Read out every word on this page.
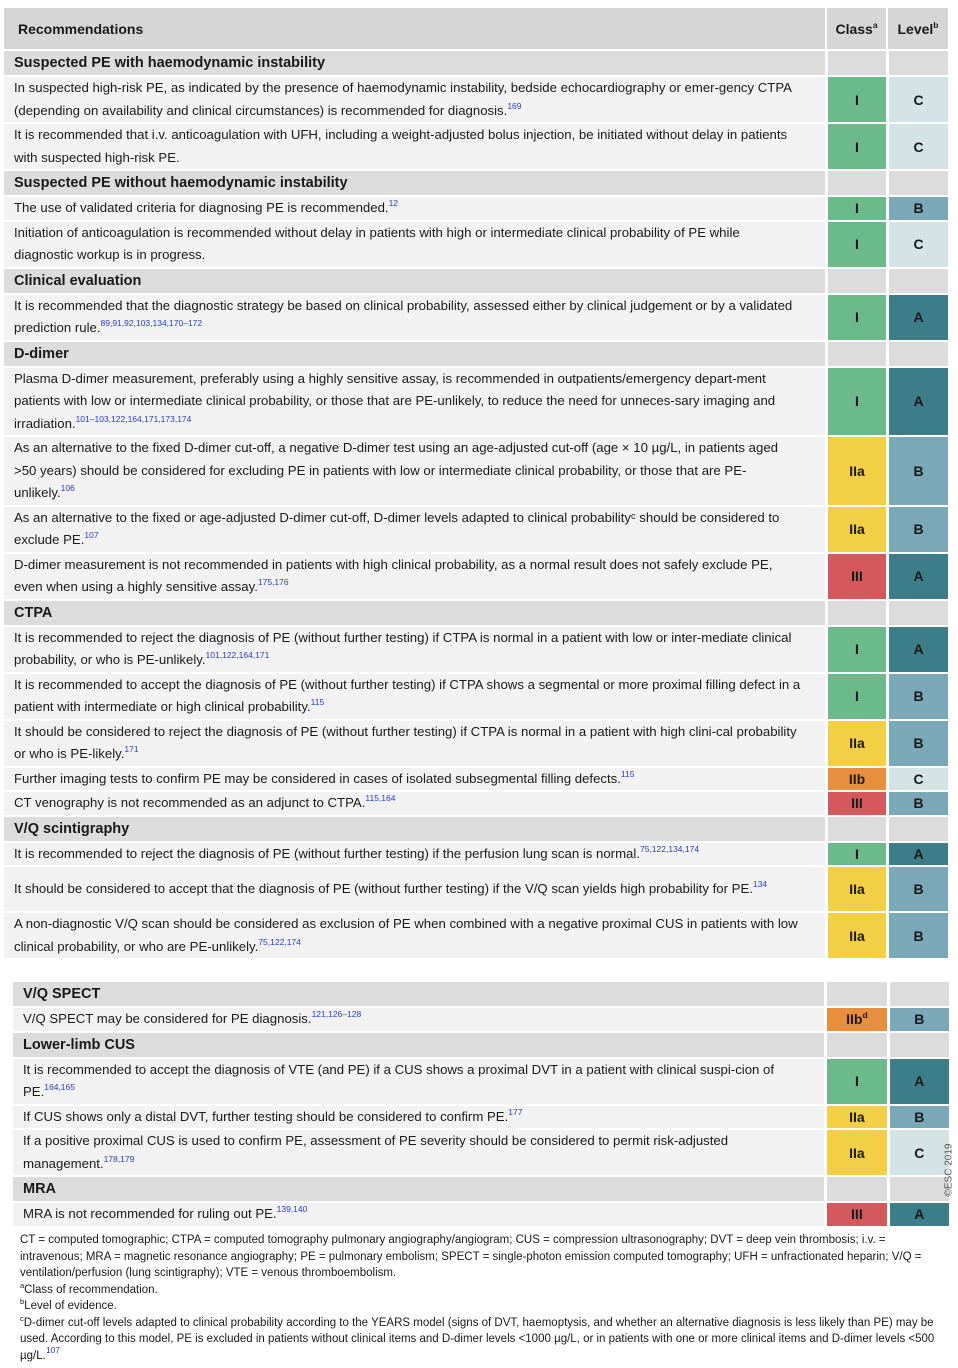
Recommendations	Class$^a$	Level$^b$
Suspected PE with haemodynamic instability		
In suspected high-risk PE, as indicated by the presence of haemodynamic instability, bedside echocardiography or emer-gency CTPA (depending on availability and clinical circumstances) is recommended for diagnosis.$^{169}$	I	C
It is recommended that i.v. anticoagulation with UFH, including a weight-adjusted bolus injection, be initiated without delay in patients with suspected high-risk PE.	I	C
Suspected PE without haemodynamic instability		
The use of validated criteria for diagnosing PE is recommended.$^{12}$	I	B
Initiation of anticoagulation is recommended without delay in patients with high or intermediate clinical probability of PE while diagnostic workup is in progress.	I	C
Clinical evaluation		
It is recommended that the diagnostic strategy be based on clinical probability, assessed either by clinical judgement or by a validated prediction rule.$^{89,91,92,103,134,170-172}$	I	A
D-dimer		
Plasma D-dimer measurement, preferably using a highly sensitive assay, is recommended in outpatients/emergency depart-ment patients with low or intermediate clinical probability, or those that are PE-unlikely, to reduce the need for unneces-sary imaging and irradiation.$^{101-103,122,164,171,173,174}$	I	A
As an alternative to the fixed D-dimer cut-off, a negative D-dimer test using an age-adjusted cut-off (age × 10 µg/L, in patients aged >50 years) should be considered for excluding PE in patients with low or intermediate clinical probability, or those that are PE-unlikely.$^{106}$	IIa	B
As an alternative to the fixed or age-adjusted D-dimer cut-off, D-dimer levels adapted to clinical probabilityᶜ should be considered to exclude PE.$^{107}$	IIa	B
D-dimer measurement is not recommended in patients with high clinical probability, as a normal result does not safely exclude PE, even when using a highly sensitive assay.$^{175,176}$	III	A
CTPA		
It is recommended to reject the diagnosis of PE (without further testing) if CTPA is normal in a patient with low or inter-mediate clinical probability, or who is PE-unlikely.$^{101,122,164,171}$	I	A
It is recommended to accept the diagnosis of PE (without further testing) if CTPA shows a segmental or more proximal filling defect in a patient with intermediate or high clinical probability.$^{115}$	I	B
It should be considered to reject the diagnosis of PE (without further testing) if CTPA is normal in a patient with high clini-cal probability or who is PE-likely.$^{171}$	IIa	B
Further imaging tests to confirm PE may be considered in cases of isolated subsegmental filling defects.$^{115}$	IIb	C
CT venography is not recommended as an adjunct to CTPA.$^{115,164}$	III	B
V/Q scintigraphy		
It is recommended to reject the diagnosis of PE (without further testing) if the perfusion lung scan is normal.$^{75,122,134,174}$	I	A
It should be considered to accept that the diagnosis of PE (without further testing) if the V/Q scan yields high probability for PE.$^{134}$	IIa	B
A non-diagnostic V/Q scan should be considered as exclusion of PE when combined with a negative proximal CUS in patients with low clinical probability, or who are PE-unlikely.$^{75,122,174}$	IIa	B
V/Q SPECT		
V/Q SPECT may be considered for PE diagnosis.$^{121,126-128}$	IIb$^d$	B
Lower-limb CUS		
It is recommended to accept the diagnosis of VTE (and PE) if a CUS shows a proximal DVT in a patient with clinical suspi-cion of PE.$^{164,165}$	I	A
If CUS shows only a distal DVT, further testing should be considered to confirm PE.$^{177}$	IIa	B
If a positive proximal CUS is used to confirm PE, assessment of PE severity should be considered to permit risk-adjusted management.$^{178,179}$	IIa	C
MRA		
MRA is not recommended for ruling out PE.$^{139,140}$	III	A
©ESC 2019

CT = computed tomographic; CTPA = computed tomography pulmonary angiography/angiogram; CUS = compression ultrasonography; DVT = deep vein thrombosis; i.v. = intravenous; MRA = magnetic resonance angiography; PE = pulmonary embolism; SPECT = single-photon emission computed tomography; UFH = unfractionated heparin; V/Q = ventilation/perfusion (lung scintigraphy); VTE = venous thromboembolism.

$^a$Class of recommendation.

$^b$Level of evidence.

$^c$D-dimer cut-off levels adapted to clinical probability according to the YEARS model (signs of DVT, haemoptysis, and whether an alternative diagnosis is less likely than PE) may be used. According to this model, PE is excluded in patients without clinical items and D-dimer levels <1000 µg/L, or in patients with one or more clinical items and D-dimer levels <500 µg/L.$^{107}$
